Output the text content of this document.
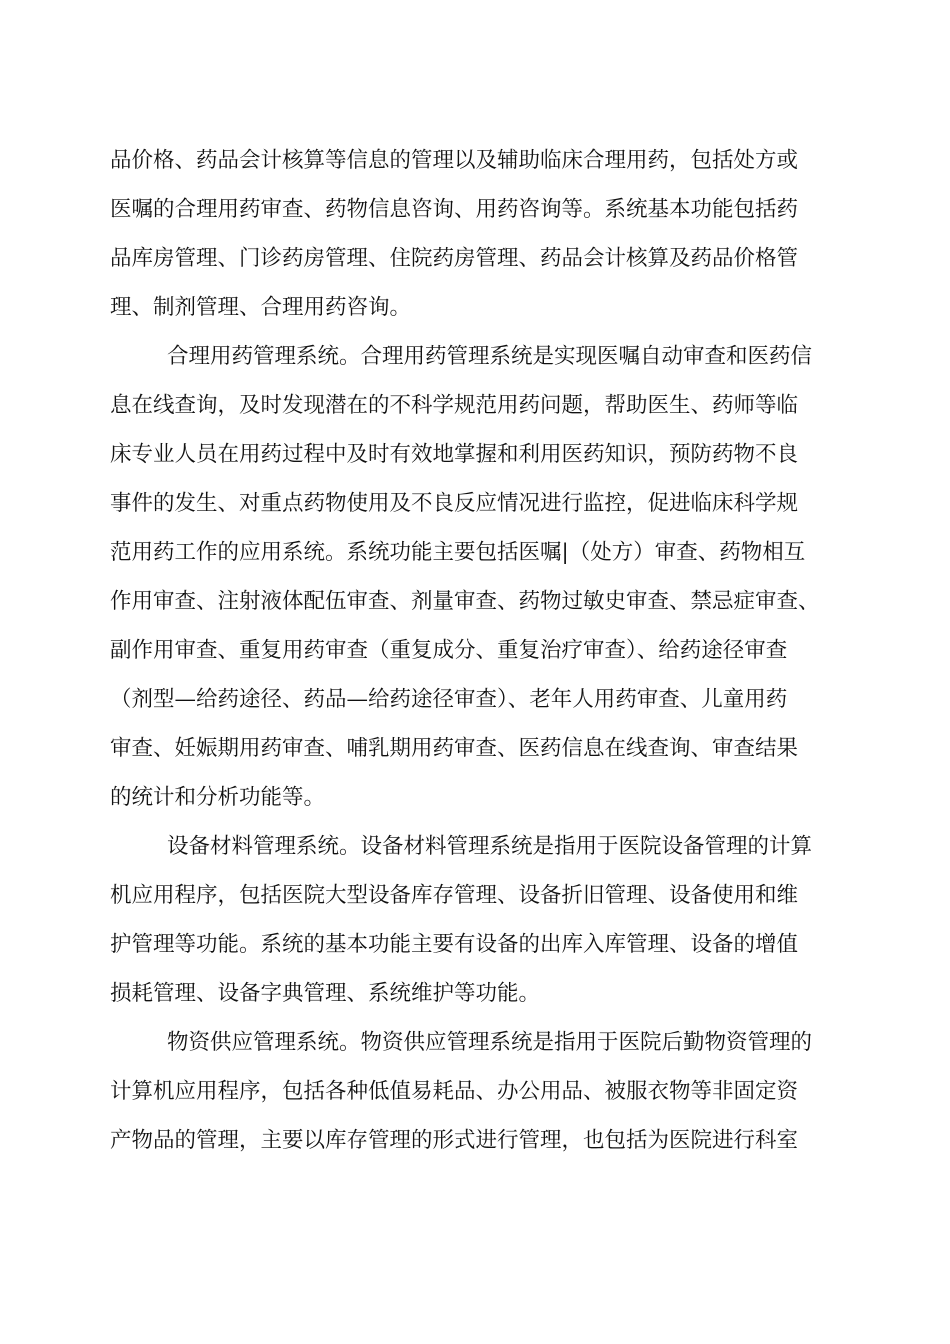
品价格、药品会计核算等信息的管理以及辅助临床合理用药，包括处方或
医嘱的合理用药审查、药物信息咨询、用药咨询等。系统基本功能包括药
品库房管理、门诊药房管理、住院药房管理、药品会计核算及药品价格管
理、制剂管理、合理用药咨询。
合理用药管理系统。合理用药管理系统是实现医嘱自动审查和医药信
息在线查询，及时发现潜在的不科学规范用药问题，帮助医生、药师等临
床专业人员在用药过程中及时有效地掌握和利用医药知识，预防药物不良
事件的发生、对重点药物使用及不良反应情况进行监控，促进临床科学规
范用药工作的应用系统。系统功能主要包括医嘱|（处方）审查、药物相互
作用审查、注射液体配伍审查、剂量审查、药物过敏史审查、禁忌症审查、
副作用审查、重复用药审查（重复成分、重复治疗审查）、给药途径审查
（剂型—给药途径、药品—给药途径审查）、老年人用药审查、儿童用药
审查、妊娠期用药审查、哺乳期用药审查、医药信息在线查询、审查结果
的统计和分析功能等。
设备材料管理系统。设备材料管理系统是指用于医院设备管理的计算
机应用程序，包括医院大型设备库存管理、设备折旧管理、设备使用和维
护管理等功能。系统的基本功能主要有设备的出库入库管理、设备的增值
损耗管理、设备字典管理、系统维护等功能。
物资供应管理系统。物资供应管理系统是指用于医院后勤物资管理的
计算机应用程序，包括各种低值易耗品、办公用品、被服衣物等非固定资
产物品的管理，主要以库存管理的形式进行管理，也包括为医院进行科室
